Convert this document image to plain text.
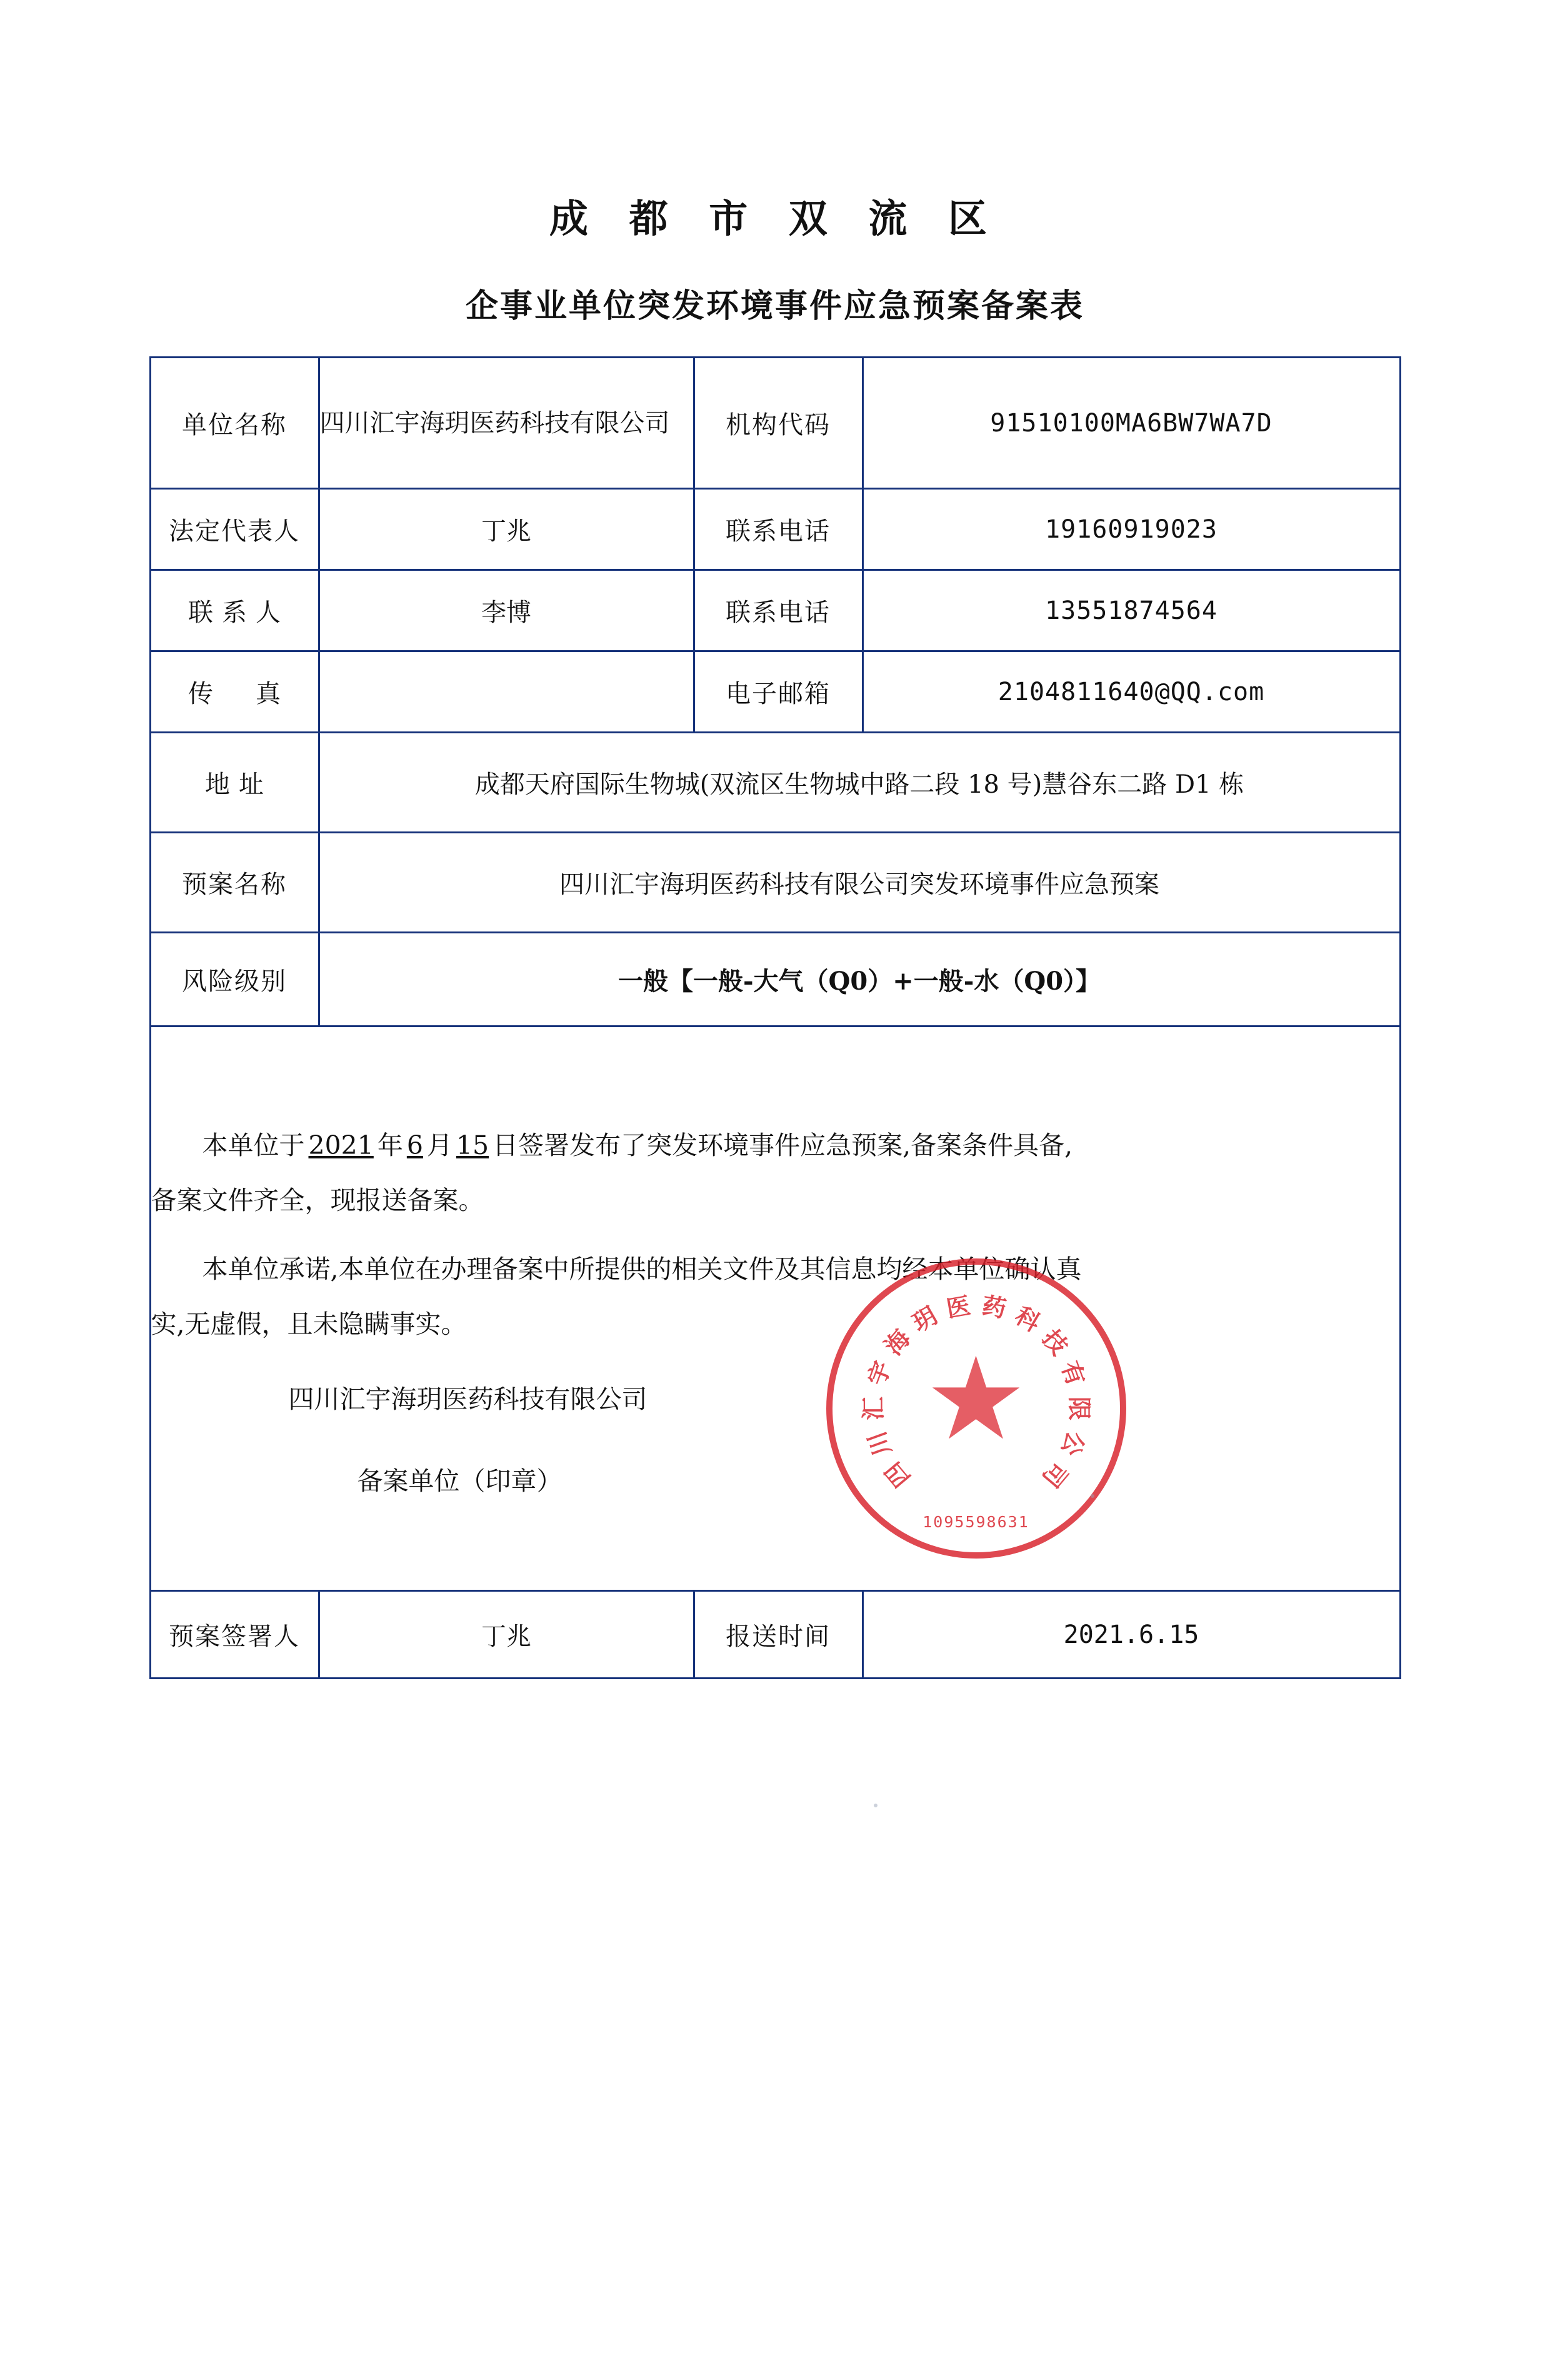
成 都 市 双 流 区
企事业单位突发环境事件应急预案备案表
单位名称	四川汇宇海玥医药科技有限公司	机构代码	91510100MA6BW7WA7D
法定代表人	丁兆	联系电话	19160919023
联系人	李博	联系电话	13551874564
传　真		电子邮箱	2104811640@QQ.com
地址	成都天府国际生物城(双流区生物城中路二段 18 号)慧谷东二路 D1 栋		
预案名称	四川汇宇海玥医药科技有限公司突发环境事件应急预案		
风险级别	一般【一般-大气（Q0）+一般-水（Q0）】		

本单位于 2021 年 6 月 15 日签署发布了突发环境事件应急预案,备案条件具备,

备案文件齐全，现报送备案。

本单位承诺,本单位在办理备案中所提供的相关文件及其信息均经本单位确认真

实,无虚假，且未隐瞒事实。

四川汇宇海玥医药科技有限公司
备案单位（印章）	四
川
汇
宇
海
玥 医 药 科
技
有
限
公
司
1095598631

预案签署人	丁兆	报送时间	2021.6.15
